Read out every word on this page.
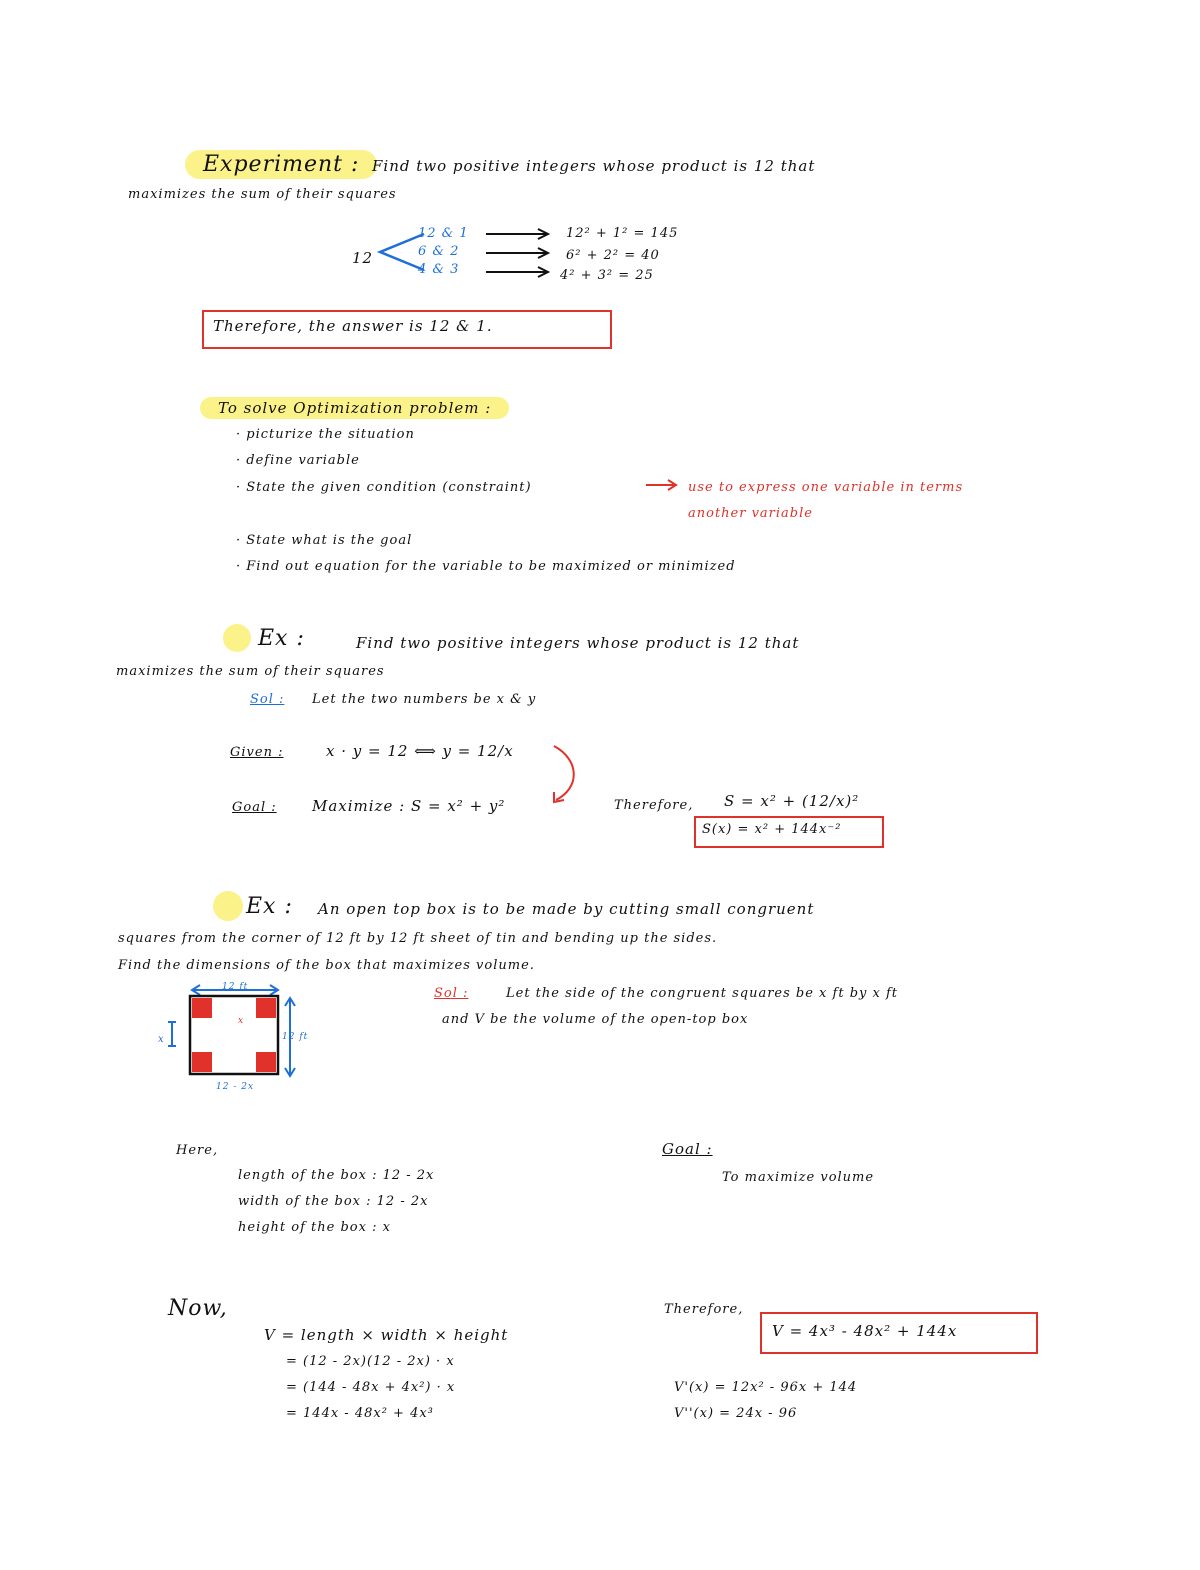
Experiment : Find two positive integers whose product is 12 that
maximizes the sum of their squares
12
12 & 1
6 & 2
4 & 3
12² + 1² = 145
6² + 2² = 40
4² + 3² = 25
Therefore, the answer is 12 & 1.
To solve Optimization problem :
· picturize the situation
· define variable
· State the given condition (constraint)	use to express one variable in terms
another variable
· State what is the goal
· Find out equation for the variable to be maximized or minimized
Ex :	Find two positive integers whose product is 12 that
maximizes the sum of their squares
Sol : Let the two numbers be x & y
Given :	x · y = 12 ⟺ y = 12/x
Goal : Maximize : S = x² + y²	Therefore, S = x² + (12/x)²
S(x) = x² + 144x⁻²
Ex : An open top box is to be made by cutting small congruent
squares from the corner of 12 ft by 12 ft sheet of tin and bending up the sides.
Find the dimensions of the box that maximizes volume.
12 ft
12 ft
x
12 - 2x
x
Sol :	Let the side of the congruent squares be x ft by x ft
and V be the volume of the open-top box
Here,
length of the box : 12 - 2x
width of the box : 12 - 2x
height of the box : x
Goal :
To maximize volume
Now,
V = length × width × height
= (12 - 2x)(12 - 2x) · x
= (144 - 48x + 4x²) · x
= 144x - 48x² + 4x³
Therefore,
V = 4x³ - 48x² + 144x
V'(x) = 12x² - 96x + 144
V''(x) = 24x - 96
